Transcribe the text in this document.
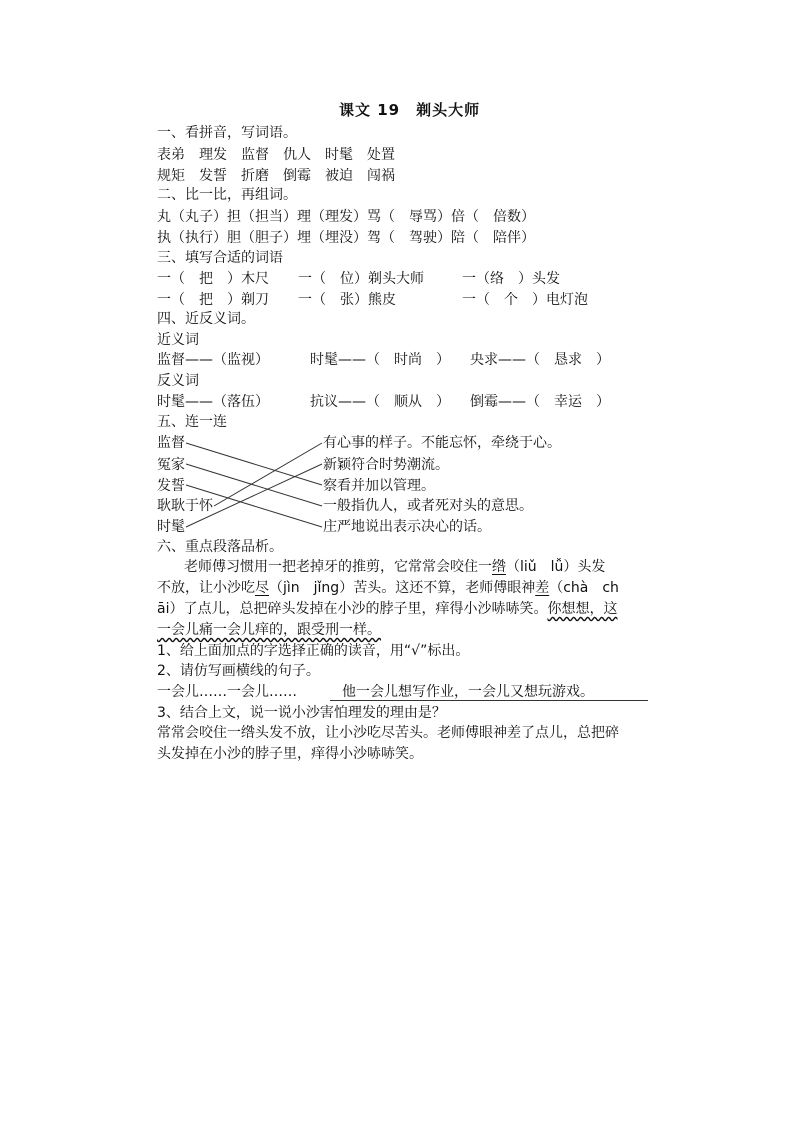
课文 19　剃头大师
一、看拼音，写词语。
表弟　理发　监督　仇人　时髦　处置
规矩　发誓　折磨　倒霉　被迫　闯祸
二、比一比，再组词。
丸（丸子）担（担当）理（理发）骂（　辱骂）倍（　倍数）
执（执行）胆（胆子）埋（埋没）驾（　驾驶）陪（　陪伴）
三、填写合适的词语
一（　把　）木尺 一（　位）剃头大师	一（络　）头发
一（　把　）剃刀 一（　张）熊皮	一（　个　）电灯泡
四、近反义词。
近义词
监督——（监视）	时髦——（　时尚　） 央求——（　恳求　）
反义词
时髦——（落伍）	抗议——（　顺从　） 倒霉——（　幸运　）
五、连一连
监督
冤家
发誓
耿耿于怀
时髦
有心事的样子。不能忘怀，牵绕于心。
新颖符合时势潮流。
察看并加以管理。
一般指仇人，或者死对头的意思。
庄严地说出表示决心的话。
六、重点段落品析。
老师傅习惯用一把老掉牙的推剪，它常常会咬住一绺（liǔ　lǚ）头发
不放，让小沙吃尽（jìn　jǐng）苦头。这还不算，老师傅眼神差（chà　ch
āi）了点儿，总把碎头发掉在小沙的脖子里，痒得小沙哧哧笑。你想想，这
一会儿痛一会儿痒的，跟受刑一样。
1、给上面加点的字选择正确的读音，用“√”标出。
2、请仿写画横线的句子。
一会儿……一会儿……	他一会儿想写作业，一会儿又想玩游戏。
3、结合上文，说一说小沙害怕理发的理由是？
常常会咬住一绺头发不放，让小沙吃尽苦头。老师傅眼神差了点儿，总把碎
头发掉在小沙的脖子里，痒得小沙哧哧笑。
